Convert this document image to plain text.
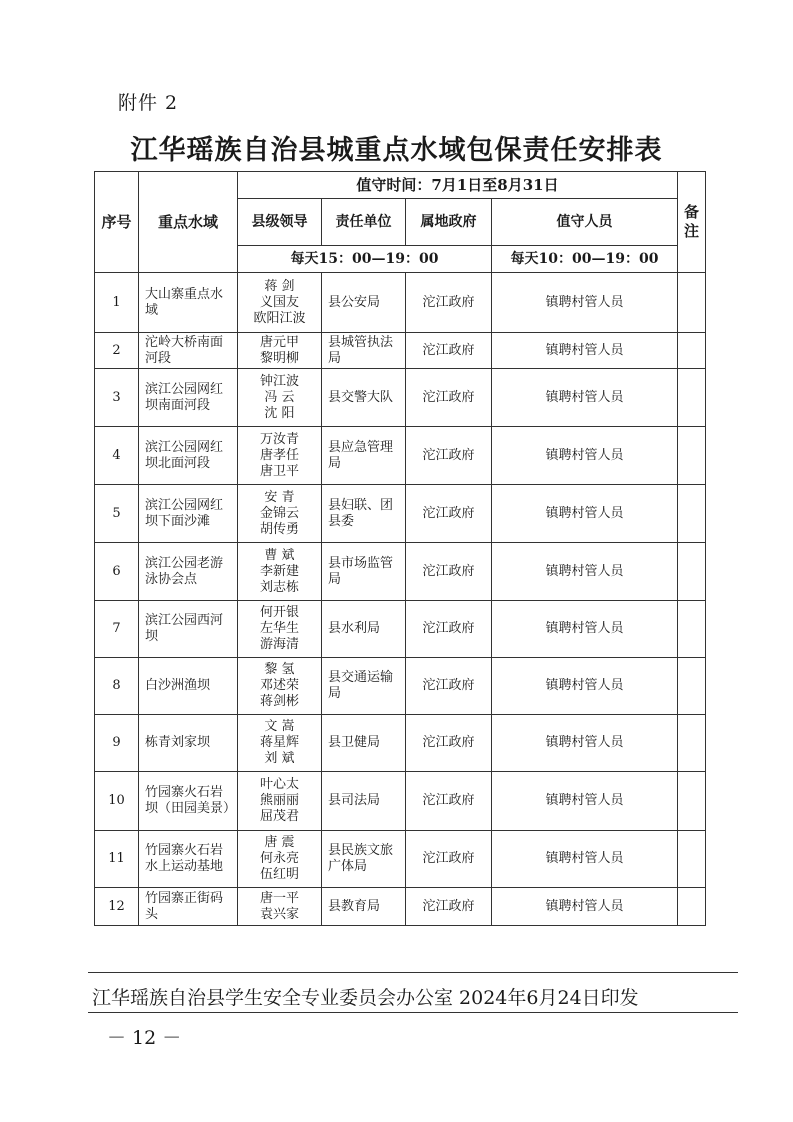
附件 2
江华瑶族自治县城重点水域包保责任安排表
序号	重点水域	值守时间：7月1日至8月31日				备注
		县级领导	责任单位	属地政府	值守人员	
		每天15：00—19：00			每天10：00—19：00	
1	大山寨重点水域	蒋 剑
义国友
欧阳江波	县公安局	沱江政府	镇聘村管人员	
2	沱岭大桥南面河段	唐元甲
黎明柳	县城管执法局	沱江政府	镇聘村管人员	
3	滨江公园网红坝南面河段	钟江波
冯 云
沈 阳	县交警大队	沱江政府	镇聘村管人员	
4	滨江公园网红坝北面河段	万汝青
唐孝任
唐卫平	县应急管理局	沱江政府	镇聘村管人员	
5	滨江公园网红坝下面沙滩	安 青
金锦云
胡传勇	县妇联、团县委	沱江政府	镇聘村管人员	
6	滨江公园老游泳协会点	曹 斌
李新建
刘志栋	县市场监管局	沱江政府	镇聘村管人员	
7	滨江公园西河坝	何开银
左华生
游海清	县水利局	沱江政府	镇聘村管人员	
8	白沙洲渔坝	黎 氢
邓述荣
蒋剑彬	县交通运输局	沱江政府	镇聘村管人员	
9	栋青刘家坝	文 嵩
蒋星辉
刘 斌	县卫健局	沱江政府	镇聘村管人员	
10	竹园寨火石岩坝（田园美景）	叶心太
熊丽丽
屈茂君	县司法局	沱江政府	镇聘村管人员	
11	竹园寨火石岩水上运动基地	唐 震
何永亮
伍红明	县民族文旅广体局	沱江政府	镇聘村管人员	
12	竹园寨正街码头	唐一平
袁兴家	县教育局	沱江政府	镇聘村管人员	
江华瑶族自治县学生安全专业委员会办公室 2024年6月24日印发
－ 12 －
